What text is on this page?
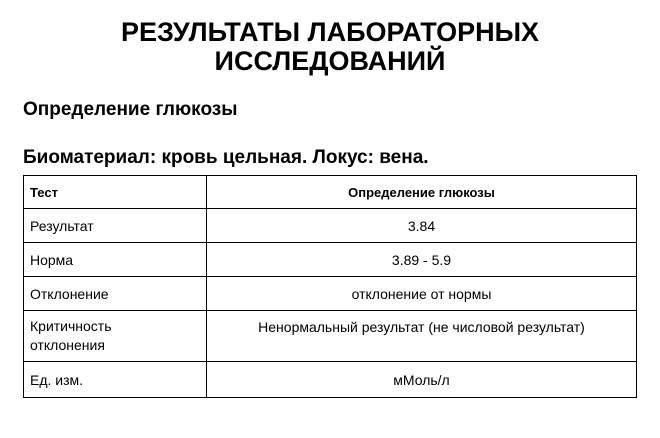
РЕЗУЛЬТАТЫ ЛАБОРАТОРНЫХ
ИССЛЕДОВАНИЙ
Определение глюкозы
Биоматериал: кровь цельная. Локус: вена.
Тест	Определение глюкозы
Результат	3.84
Норма	3.89 - 5.9
Отклонение	отклонение от нормы
Критичность
отклонения	Ненормальный результат (не числовой результат)
Ед. изм.	мМоль/л
